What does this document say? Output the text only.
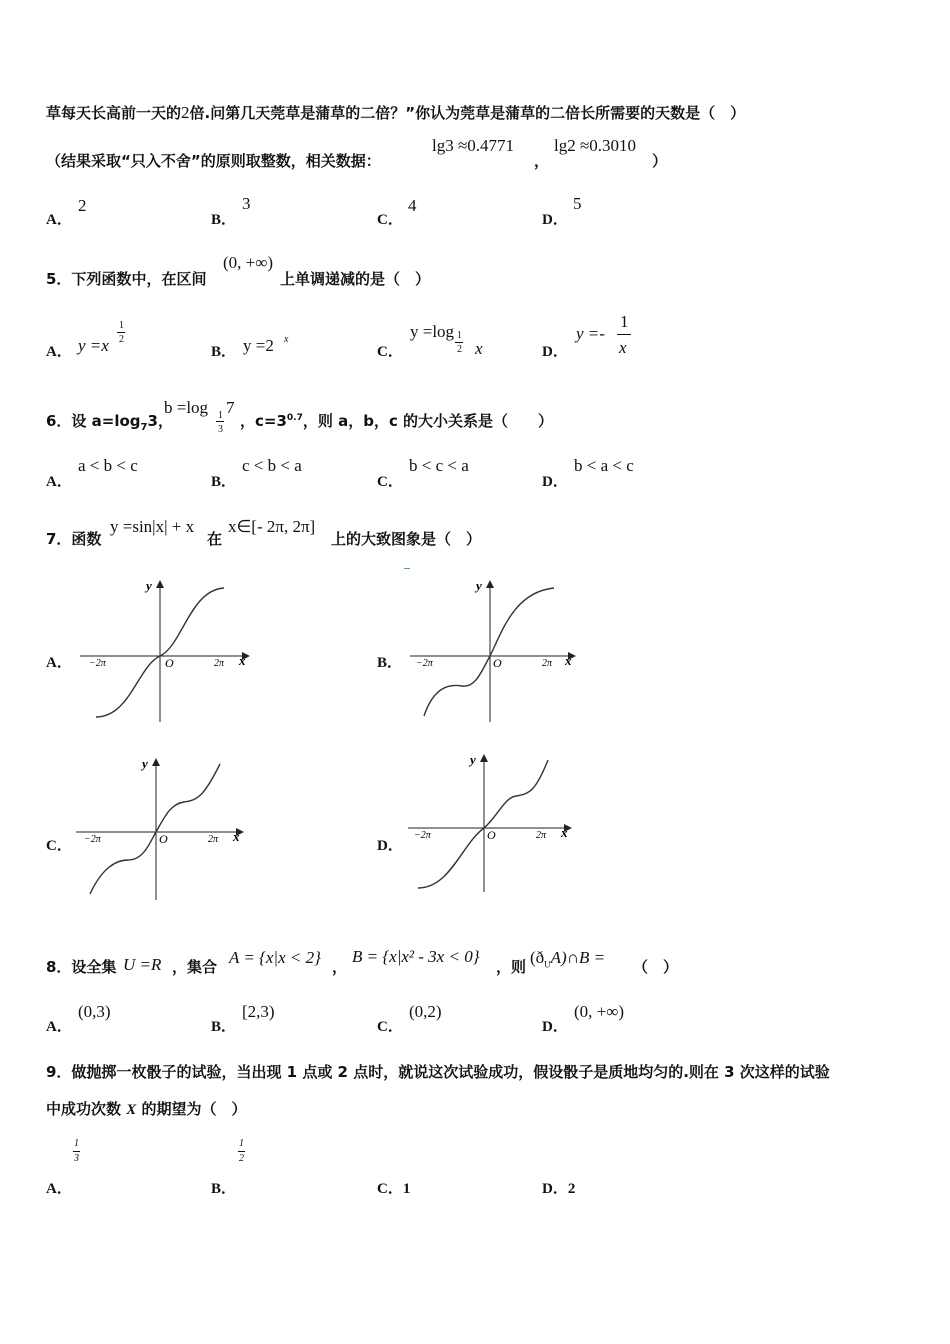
草每天长高前一天的2倍.问第几天莞草是蒲草的二倍？”你认为莞草是蒲草的二倍长所需要的天数是（　）
（结果采取“只入不舍”的原则取整数，相关数据：
lg3 ≈0.4771
，
lg2 ≈0.3010
）
A．
2
B．
3
C．
4
D．
5
5．下列函数中，在区间
(0, +∞)
上单调递减的是（　）
A． y =x
1
2
B． y =2 x
C．
y =log 1
2 x	D．
y =-
1
x
6．设 $a=\log_73$，
b =log 1
3
7
，$c=3^{0.7}$，则 a，b，c 的大小关系是（　　）
A．
a < b < c
B．
c < b < a
C．
b < c < a
D．
b < a < c
7．函数
y =sin|x| + x
在
x∈[- 2π, 2π]
上的大致图象是（　）
A．	B．
C．	D．
y
x
O
−2π	2π
y
x
O
−2π	2π
y
x
O
−2π	2π
y
x
O
−2π	2π
8．设全集 U =R ，集合 A = {x|x < 2} ，
B = {x|x² - 3x < 0}
，则 $(ð_UA)\cap B$ = （　）
A．
(0,3)
B．
[2,3)
C．
(0,2)
D．
(0, +∞)
9．做抛掷一枚骰子的试验，当出现 1 点或 2 点时，就说这次试验成功，假设骰子是质地均匀的.则在 3 次这样的试验
中成功次数 X 的期望为（　）
A．
1
3
B．
1
2
C．1	D．2
